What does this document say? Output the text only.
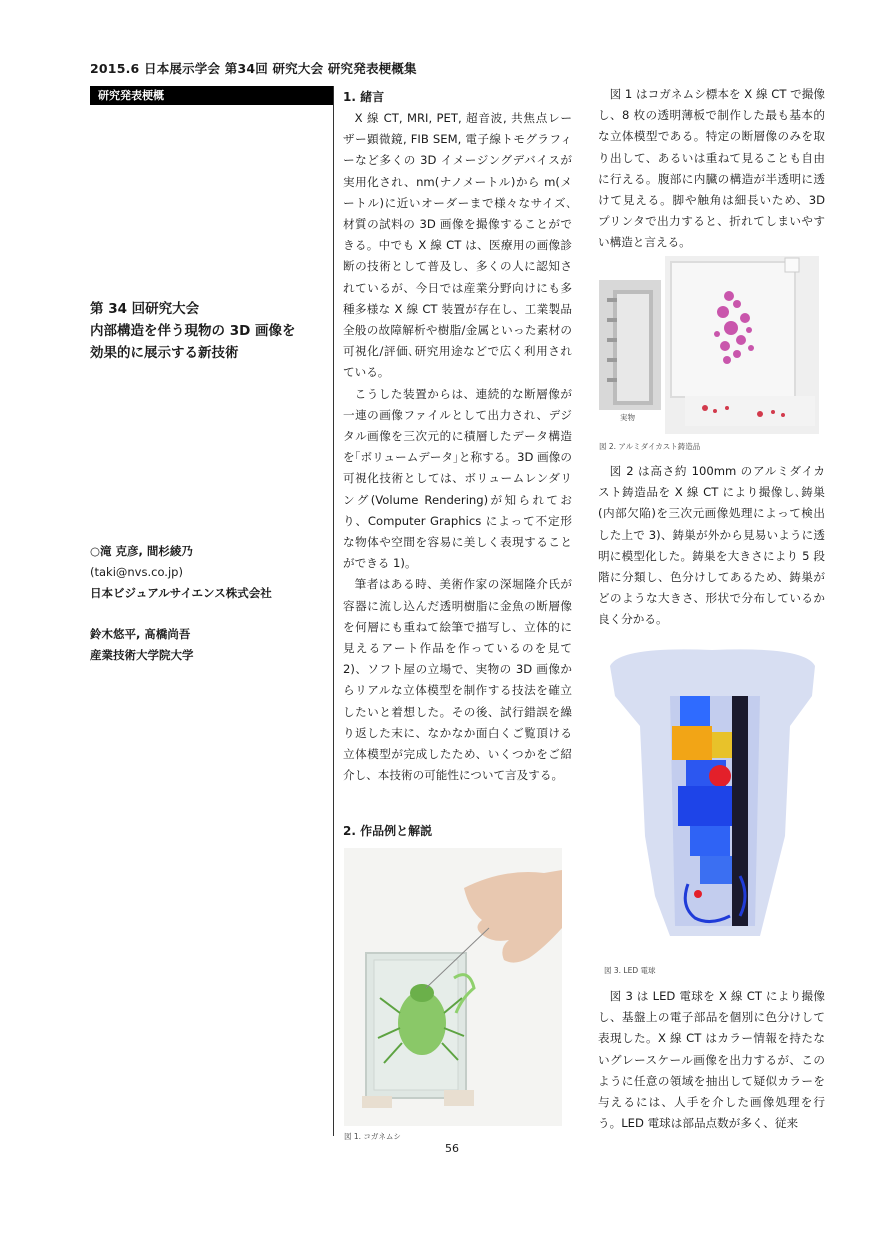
2015.6 日本展示学会 第34回 研究大会 研究発表梗概集
研究発表梗概
第 34 回研究大会
内部構造を伴う現物の 3D 画像を
効果的に展示する新技術
○滝 克彦, 間杉綾乃
(taki@nvs.co.jp)
日本ビジュアルサイエンス株式会社
鈴木悠平, 髙橋尚吾
産業技術大学院大学
1. 緒言

X 線 CT, MRI, PET, 超音波, 共焦点レーザー顕微鏡, FIB SEM, 電子線トモグラフィーなど多くの 3D イメージングデバイスが実用化され、nm(ナノメートル)から m(メートル)に近いオーダーまで様々なサイズ､材質の試料の 3D 画像を撮像することができる。中でも X 線 CT は、医療用の画像診断の技術として普及し、多くの人に認知されているが、今日では産業分野向けにも多種多様な X 線 CT 装置が存在し、工業製品全般の故障解析や樹脂/金属といった素材の可視化/評価､研究用途などで広く利用されている。

こうした装置からは、連続的な断層像が一連の画像ファイルとして出力され、デジタル画像を三次元的に積層したデータ構造を｢ボリュームデータ｣と称する。3D 画像の可視化技術としては、ボリュームレンダリング(Volume Rendering)が知られており、Computer Graphics によって不定形な物体や空間を容易に美しく表現することができる 1)。

筆者はある時、美術作家の深堀隆介氏が容器に流し込んだ透明樹脂に金魚の断層像を何層にも重ねて絵筆で描写し、立体的に見えるアート作品を作っているのを見て 2)、ソフト屋の立場で、実物の 3D 画像からリアルな立体模型を制作する技法を確立したいと着想した。その後、試行錯誤を繰り返した末に、なかなか面白くご覧頂ける立体模型が完成したため、いくつかをご紹介し、本技術の可能性について言及する。

2. 作品例と解説
図 1. コガネムシ

図 1 はコガネムシ標本を X 線 CT で撮像し、8 枚の透明薄板で制作した最も基本的な立体模型である。特定の断層像のみを取り出して、あるいは重ねて見ることも自由に行える。腹部に内臓の構造が半透明に透けて見える。脚や触角は細長いため、3D プリンタで出力すると、折れてしまいやすい構造と言える。

実物
図 2. アルミダイカスト鋳造品

図 2 は高さ約 100mm のアルミダイカスト鋳造品を X 線 CT により撮像し､鋳巣(内部欠陥)を三次元画像処理によって検出した上で 3)、鋳巣が外から見易いように透明に模型化した。鋳巣を大きさにより 5 段階に分類し、色分けしてあるため、鋳巣がどのような大きさ、形状で分布しているか良く分かる。

図 3. LED 電球

図 3 は LED 電球を X 線 CT により撮像し、基盤上の電子部品を個別に色分けして表現した。X 線 CT はカラー情報を持たないグレースケール画像を出力するが、このように任意の領域を抽出して疑似カラーを与えるには、人手を介した画像処理を行う。LED 電球は部品点数が多く、従来

56
